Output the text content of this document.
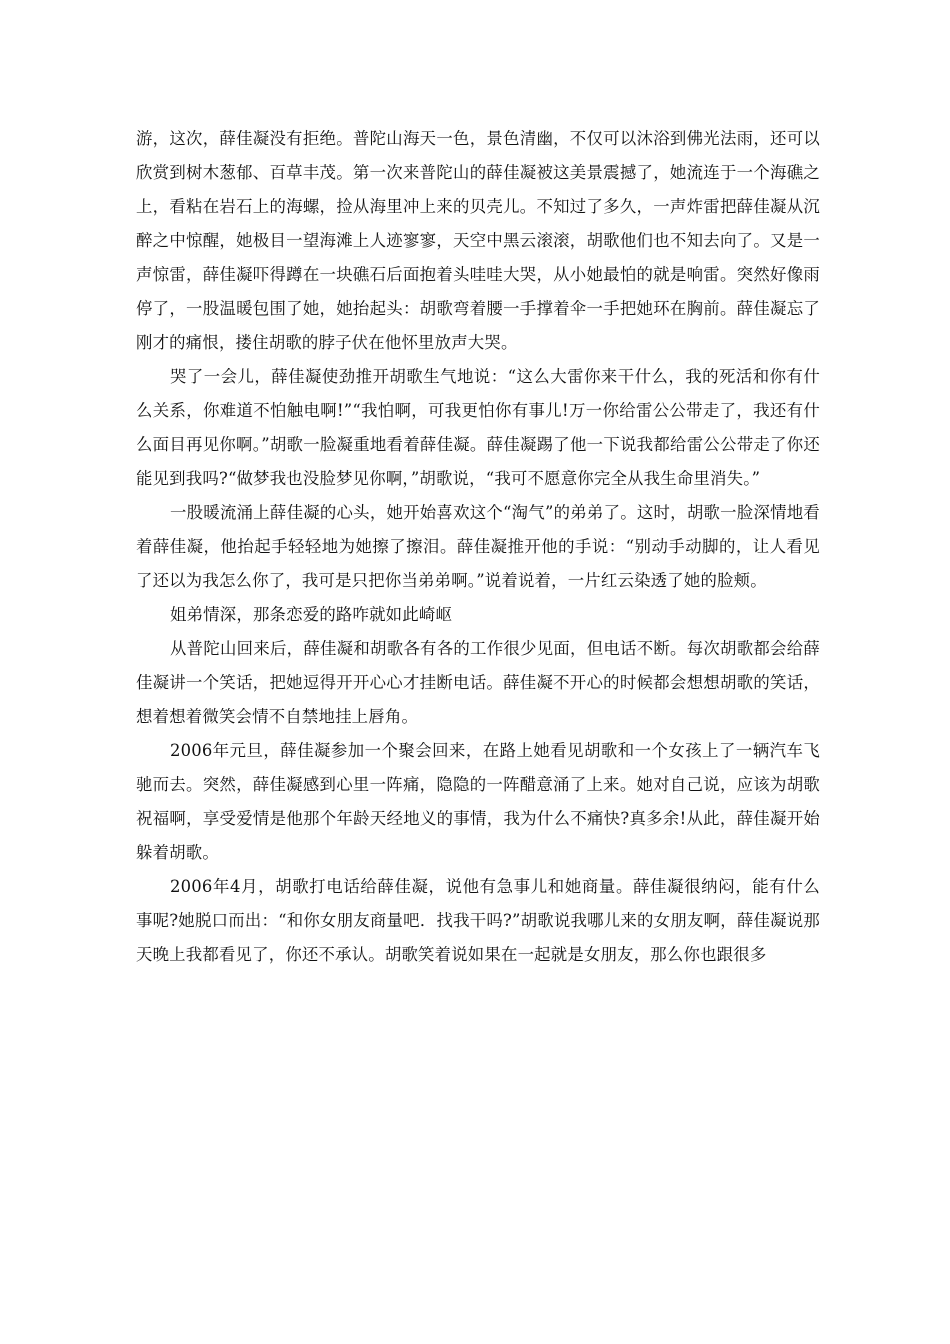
游，这次，薛佳凝没有拒绝。普陀山海天一色，景色清幽，不仅可以沐浴到佛光法雨，还可以欣赏到树木葱郁、百草丰茂。第一次来普陀山的薛佳凝被这美景震撼了，她流连于一个海礁之上，看粘在岩石上的海螺，捡从海里冲上来的贝壳儿。不知过了多久，一声炸雷把薛佳凝从沉醉之中惊醒，她极目一望海滩上人迹寥寥，天空中黑云滚滚，胡歌他们也不知去向了。又是一声惊雷，薛佳凝吓得蹲在一块礁石后面抱着头哇哇大哭，从小她最怕的就是响雷。突然好像雨停了，一股温暖包围了她，她抬起头：胡歌弯着腰一手撑着伞一手把她环在胸前。薛佳凝忘了刚才的痛恨，搂住胡歌的脖子伏在他怀里放声大哭。

哭了一会儿，薛佳凝使劲推开胡歌生气地说：“这么大雷你来干什么，我的死活和你有什么关系，你难道不怕触电啊!”“我怕啊，可我更怕你有事儿!万一你给雷公公带走了，我还有什么面目再见你啊。”胡歌一脸凝重地看着薛佳凝。薛佳凝踢了他一下说我都给雷公公带走了你还能见到我吗?“做梦我也没脸梦见你啊，”胡歌说，“我可不愿意你完全从我生命里消失。”

一股暖流涌上薛佳凝的心头，她开始喜欢这个“淘气”的弟弟了。这时，胡歌一脸深情地看着薛佳凝，他抬起手轻轻地为她擦了擦泪。薛佳凝推开他的手说：“别动手动脚的，让人看见了还以为我怎么你了，我可是只把你当弟弟啊。”说着说着，一片红云染透了她的脸颊。

姐弟情深，那条恋爱的路咋就如此崎岖

从普陀山回来后，薛佳凝和胡歌各有各的工作很少见面，但电话不断。每次胡歌都会给薛佳凝讲一个笑话，把她逗得开开心心才挂断电话。薛佳凝不开心的时候都会想想胡歌的笑话，想着想着微笑会情不自禁地挂上唇角。

2006年元旦，薛佳凝参加一个聚会回来，在路上她看见胡歌和一个女孩上了一辆汽车飞驰而去。突然，薛佳凝感到心里一阵痛，隐隐的一阵醋意涌了上来。她对自己说，应该为胡歌祝福啊，享受爱情是他那个年龄天经地义的事情，我为什么不痛快?真多余!从此，薛佳凝开始躲着胡歌。

2006年4月，胡歌打电话给薛佳凝，说他有急事儿和她商量。薛佳凝很纳闷，能有什么事呢?她脱口而出：“和你女朋友商量吧．找我干吗?”胡歌说我哪儿来的女朋友啊，薛佳凝说那天晚上我都看见了，你还不承认。胡歌笑着说如果在一起就是女朋友，那么你也跟很多
